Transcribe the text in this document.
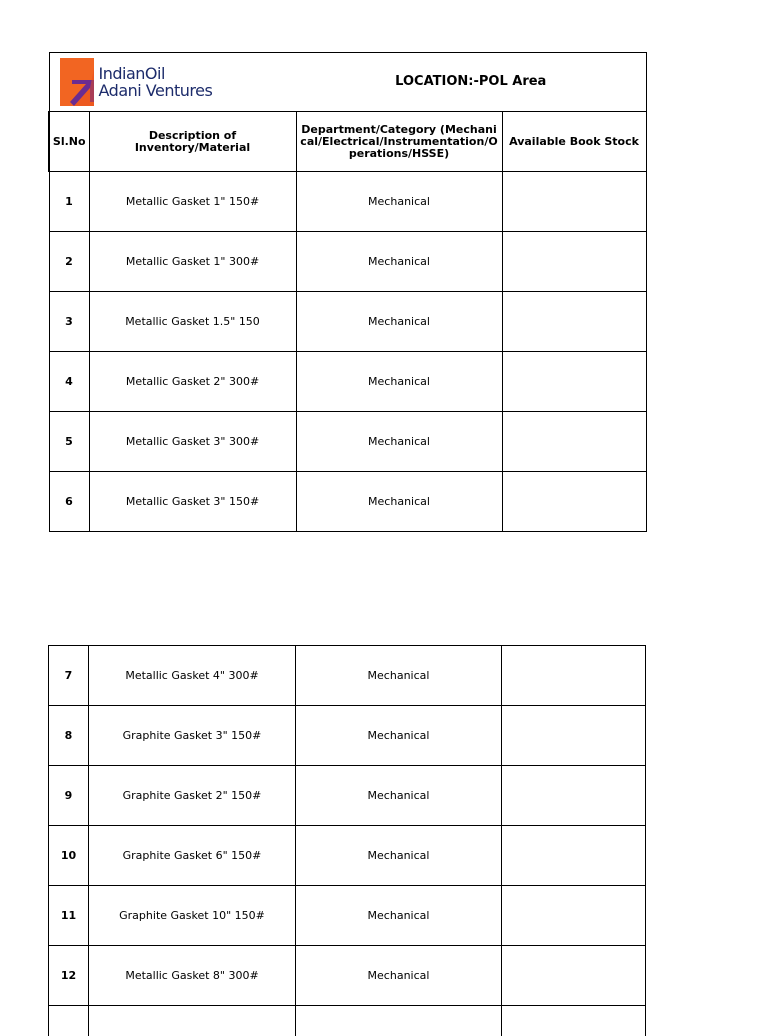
IndianOil
Adani Ventures		LOCATION:-POL Area	
Sl.No	Description of Inventory/Material	Department/Category (Mechanical/Electrical/Instrumentation/Operations/HSSE)	Available Book Stock
1	Metallic Gasket 1" 150#	Mechanical	
2	Metallic Gasket 1" 300#	Mechanical	
3	Metallic Gasket 1.5" 150	Mechanical	
4	Metallic Gasket 2" 300#	Mechanical	
5	Metallic Gasket 3" 300#	Mechanical	
6	Metallic Gasket 3" 150#	Mechanical	
7	Metallic Gasket 4" 300#	Mechanical	
8	Graphite Gasket 3" 150#	Mechanical	
9	Graphite Gasket 2" 150#	Mechanical	
10	Graphite Gasket 6" 150#	Mechanical	
11	Graphite Gasket 10" 150#	Mechanical	
12	Metallic Gasket 8" 300#	Mechanical	
